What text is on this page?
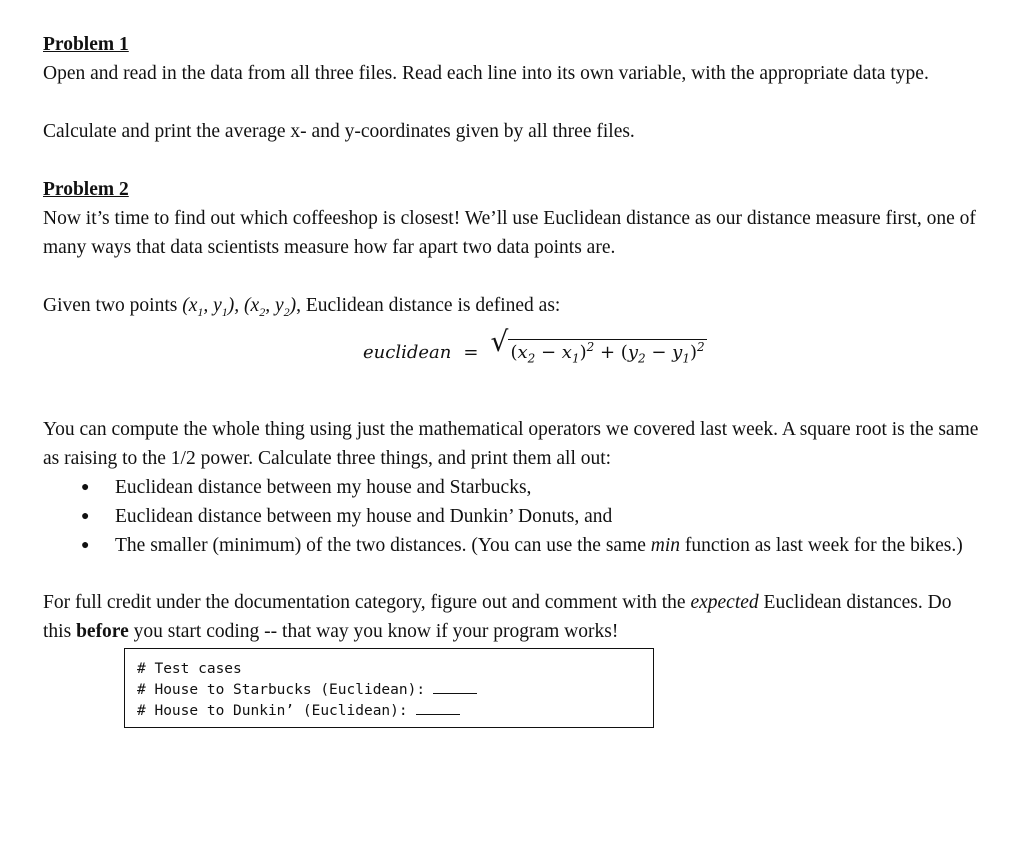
Problem 1

Open and read in the data from all three files. Read each line into its own variable, with the appropriate data type.

Calculate and print the average x- and y-coordinates given by all three files.

Problem 2

Now it’s time to find out which coffeeshop is closest! We’ll use Euclidean distance as our distance measure first, one of many ways that data scientists measure how far apart two data points are.

Given two points ($x_1$, $y_1$), ($x_2$, $y_2$), Euclidean distance is defined as:

euclidean = √ $(x_2 - x_1)^2 + (y_2 - y_1)^2$

You can compute the whole thing using just the mathematical operators we covered last week. A square root is the same as raising to the 1/2 power. Calculate three things, and print them all out:

● Euclidean distance between my house and Starbucks,
● Euclidean distance between my house and Dunkin’ Donuts, and
● The smaller (minimum) of the two distances. (You can use the same min function as last week for the bikes.)

For full credit under the documentation category, figure out and comment with the expected Euclidean distances. Do this before you start coding -- that way you know if your program works!

# Test cases
# House to Starbucks (Euclidean):
# House to Dunkin’ (Euclidean):
